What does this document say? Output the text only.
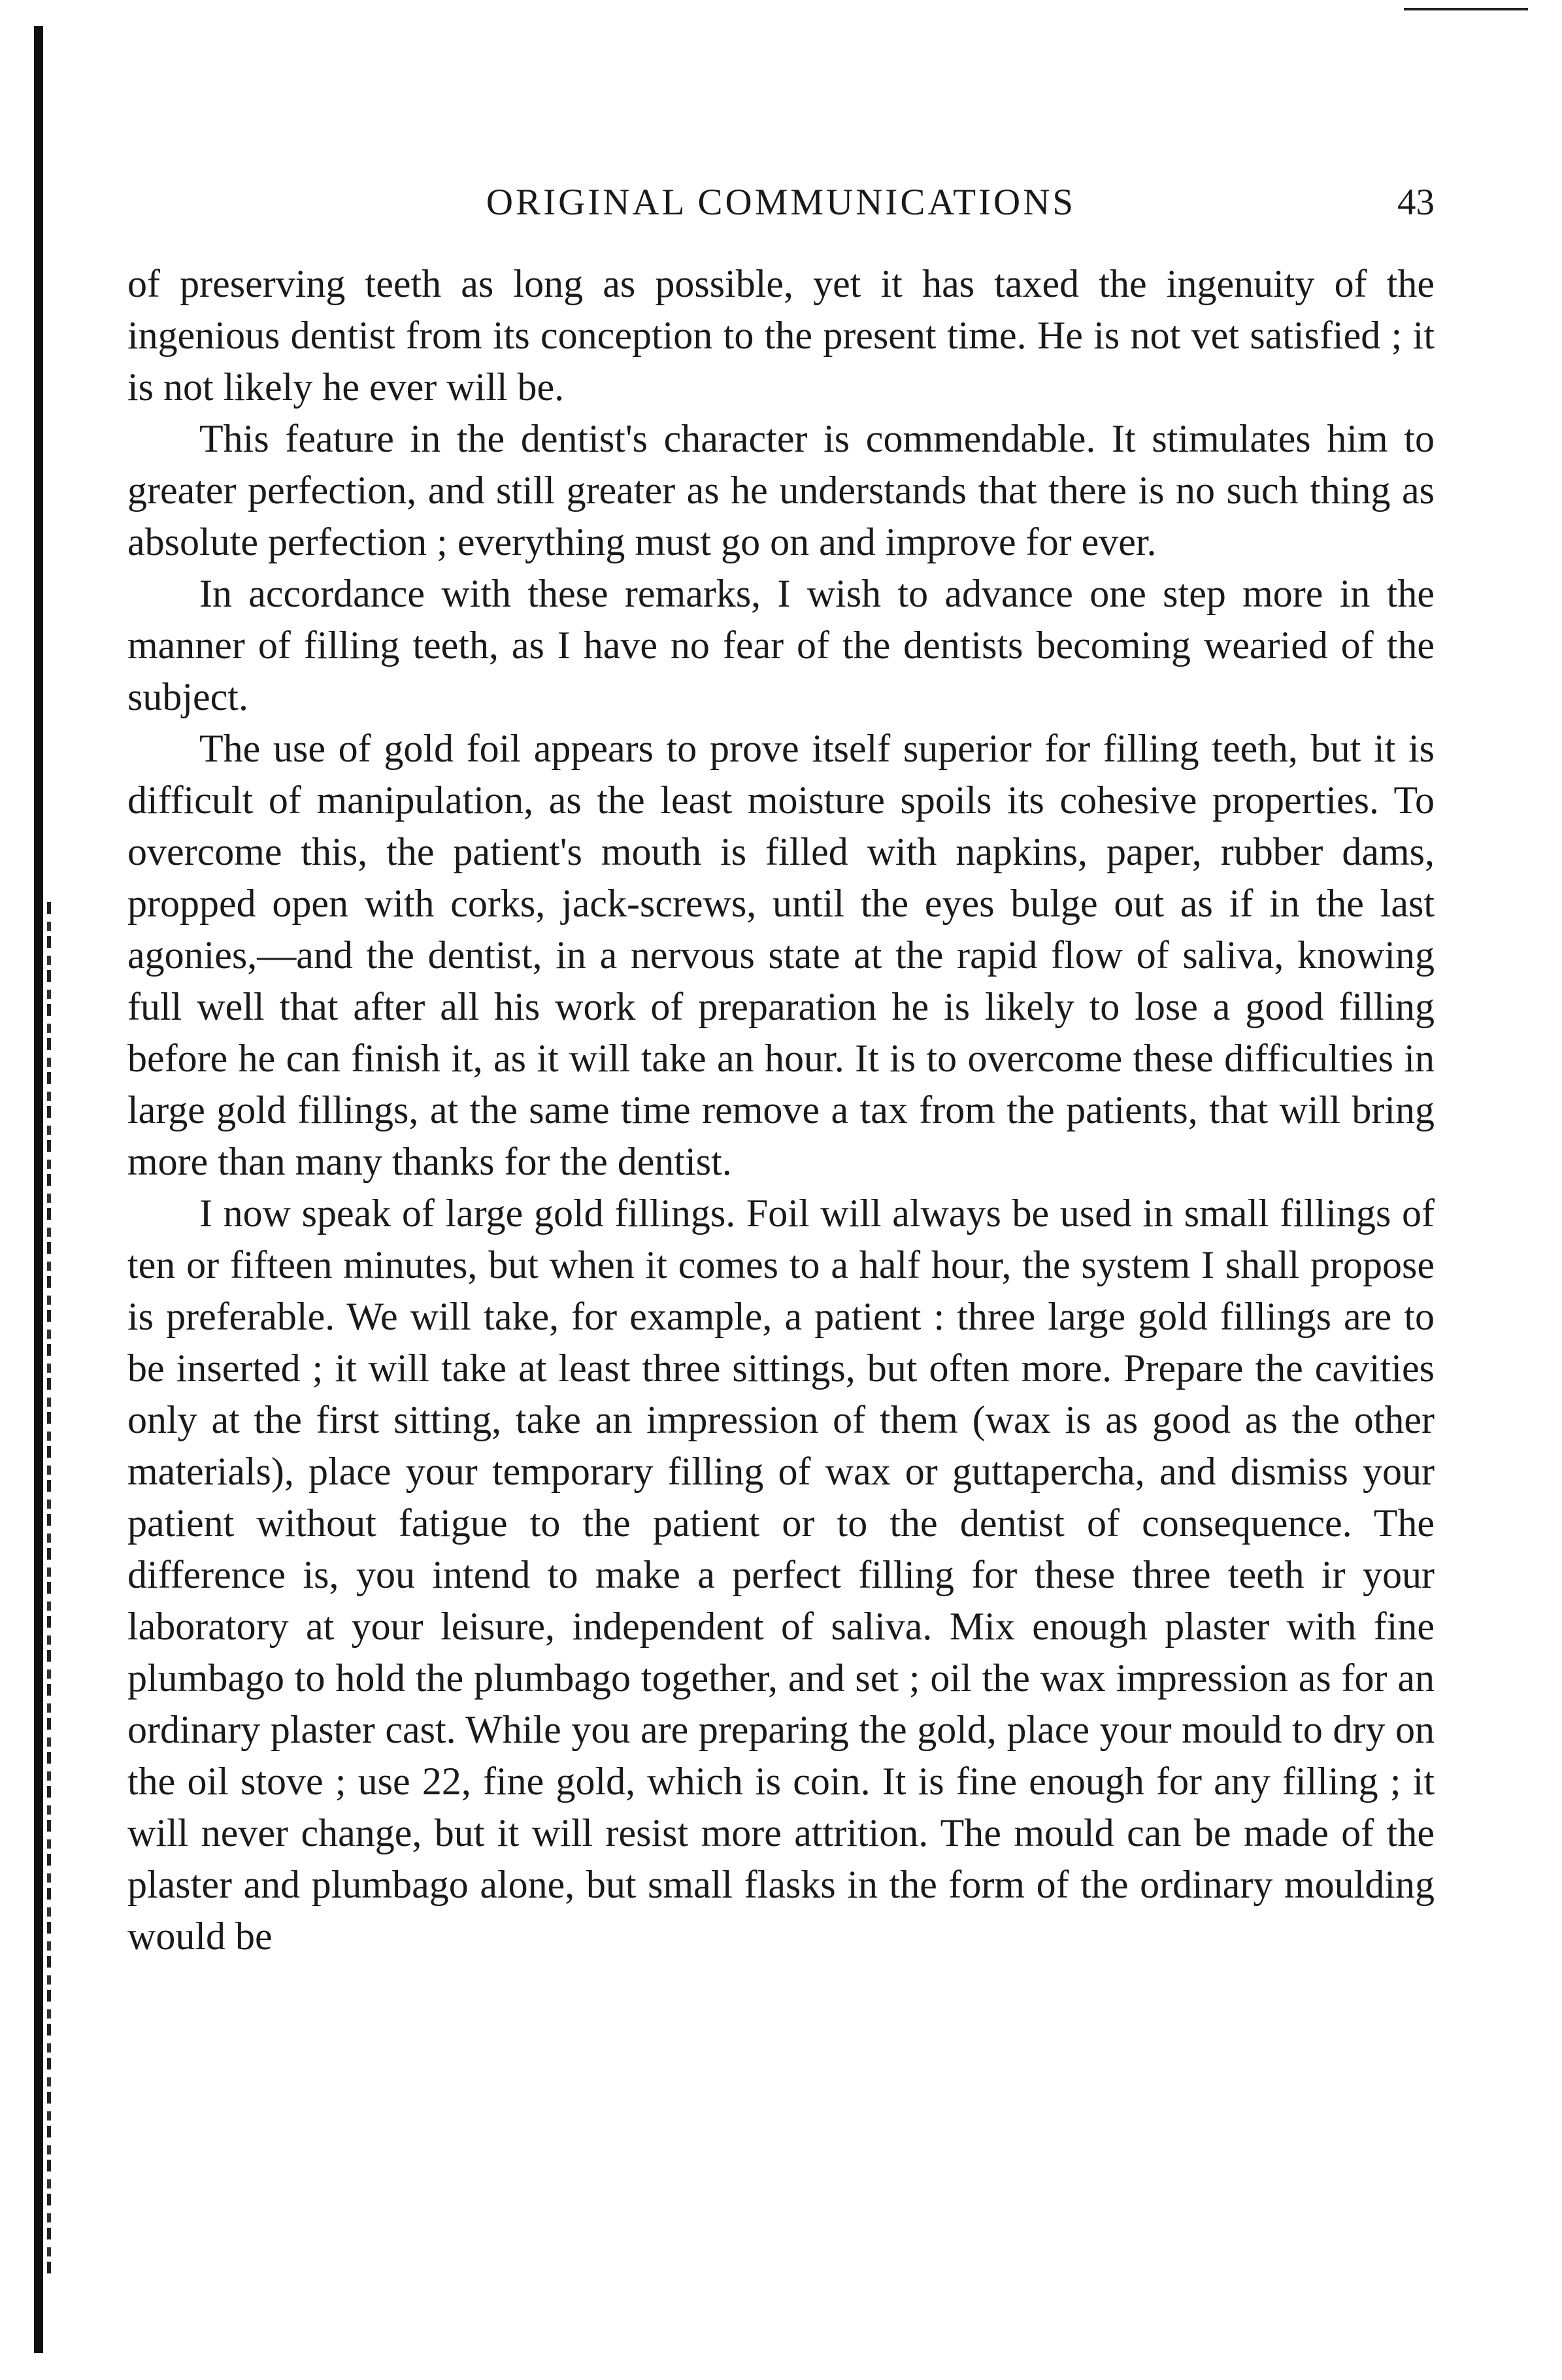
ORIGINAL COMMUNICATIONS	43

of preserving teeth as long as possible, yet it has taxed the ingenuity of the ingenious dentist from its conception to the present time. He is not vet satisfied ; it is not likely he ever will be.

This feature in the dentist's character is commendable. It stimulates him to greater perfection, and still greater as he understands that there is no such thing as absolute perfection ; everything must go on and improve for ever.

In accordance with these remarks, I wish to advance one step more in the manner of filling teeth, as I have no fear of the dentists becoming wearied of the subject.

The use of gold foil appears to prove itself superior for filling teeth, but it is difficult of manipulation, as the least moisture spoils its cohesive properties. To overcome this, the patient's mouth is filled with napkins, paper, rubber dams, propped open with corks, jack-screws, until the eyes bulge out as if in the last agonies,—and the dentist, in a nervous state at the rapid flow of saliva, knowing full well that after all his work of preparation he is likely to lose a good filling before he can finish it, as it will take an hour. It is to overcome these difficulties in large gold fillings, at the same time remove a tax from the patients, that will bring more than many thanks for the dentist.

I now speak of large gold fillings. Foil will always be used in small fillings of ten or fifteen minutes, but when it comes to a half hour, the system I shall propose is preferable. We will take, for example, a patient : three large gold fillings are to be inserted ; it will take at least three sittings, but often more. Prepare the cavities only at the first sitting, take an impression of them (wax is as good as the other materials), place your temporary filling of wax or guttapercha, and dismiss your patient without fatigue to the patient or to the dentist of consequence. The difference is, you intend to make a perfect filling for these three teeth ir your laboratory at your leisure, independent of saliva. Mix enough plaster with fine plumbago to hold the plumbago together, and set ; oil the wax impression as for an ordinary plaster cast. While you are preparing the gold, place your mould to dry on the oil stove ; use 22, fine gold, which is coin. It is fine enough for any filling ; it will never change, but it will resist more attrition. The mould can be made of the plaster and plumbago alone, but small flasks in the form of the ordinary moulding would be
